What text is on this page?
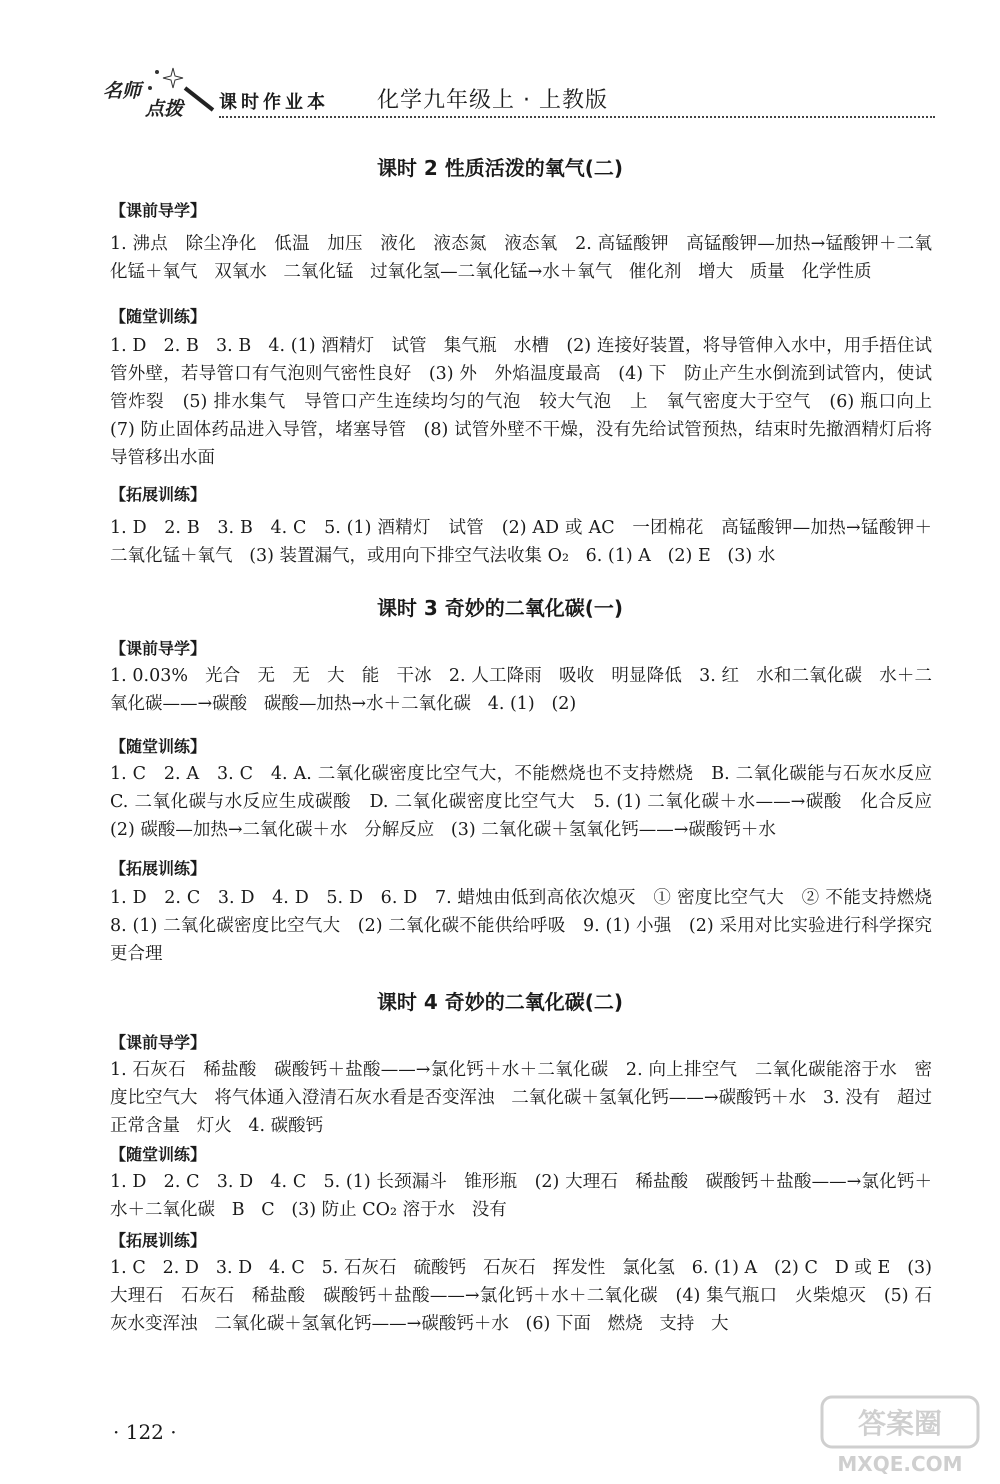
名师
点拨 课时作业本 化学九年级上 · 上教版
课时 2 性质活泼的氧气(二)
【课前导学】
1. 沸点   除尘净化   低温   加压   液化   液态氮   液态氧   2. 高锰酸钾   高锰酸钾—加热→锰酸钾＋二氧化锰＋氧气   双氧水   二氧化锰   过氧化氢—二氧化锰→水＋氧气   催化剂   增大   质量   化学性质
【随堂训练】
1. D   2. B   3. B   4. (1) 酒精灯   试管   集气瓶   水槽   (2) 连接好装置，将导管伸入水中，用手捂住试管外壁，若导管口有气泡则气密性良好   (3) 外   外焰温度最高   (4) 下   防止产生水倒流到试管内，使试管炸裂   (5) 排水集气   导管口产生连续均匀的气泡   较大气泡   上   氧气密度大于空气   (6) 瓶口向上   (7) 防止固体药品进入导管，堵塞导管   (8) 试管外壁不干燥，没有先给试管预热，结束时先撤酒精灯后将导管移出水面
【拓展训练】
1. D   2. B   3. B   4. C   5. (1) 酒精灯   试管   (2) AD 或 AC   一团棉花   高锰酸钾—加热→锰酸钾＋二氧化锰＋氧气   (3) 装置漏气，或用向下排空气法收集 O₂   6. (1) A   (2) E   (3) 水
课时 3 奇妙的二氧化碳(一)
【课前导学】
1. 0.03%   光合   无   无   大   能   干冰   2. 人工降雨   吸收   明显降低   3. 红   水和二氧化碳   水＋二氧化碳——→碳酸   碳酸—加热→水＋二氧化碳   4. (1)   (2)
【随堂训练】
1. C   2. A   3. C   4. A. 二氧化碳密度比空气大，不能燃烧也不支持燃烧   B. 二氧化碳能与石灰水反应   C. 二氧化碳与水反应生成碳酸   D. 二氧化碳密度比空气大   5. (1) 二氧化碳＋水——→碳酸   化合反应   (2) 碳酸—加热→二氧化碳＋水   分解反应   (3) 二氧化碳＋氢氧化钙——→碳酸钙＋水
【拓展训练】
1. D   2. C   3. D   4. D   5. D   6. D   7. 蜡烛由低到高依次熄灭   ① 密度比空气大   ② 不能支持燃烧   8. (1) 二氧化碳密度比空气大   (2) 二氧化碳不能供给呼吸   9. (1) 小强   (2) 采用对比实验进行科学探究更合理
课时 4 奇妙的二氧化碳(二)
【课前导学】
1. 石灰石   稀盐酸   碳酸钙＋盐酸——→氯化钙＋水＋二氧化碳   2. 向上排空气   二氧化碳能溶于水   密度比空气大   将气体通入澄清石灰水看是否变浑浊   二氧化碳＋氢氧化钙——→碳酸钙＋水   3. 没有   超过正常含量   灯火   4. 碳酸钙
【随堂训练】
1. D   2. C   3. D   4. C   5. (1) 长颈漏斗   锥形瓶   (2) 大理石   稀盐酸   碳酸钙＋盐酸——→氯化钙＋水＋二氧化碳   B   C   (3) 防止 CO₂ 溶于水   没有
【拓展训练】
1. C   2. D   3. D   4. C   5. 石灰石   硫酸钙   石灰石   挥发性   氯化氢   6. (1) A   (2) C   D 或 E   (3) 大理石   石灰石   稀盐酸   碳酸钙＋盐酸——→氯化钙＋水＋二氧化碳   (4) 集气瓶口   火柴熄灭   (5) 石灰水变浑浊   二氧化碳＋氢氧化钙——→碳酸钙＋水   (6) 下面   燃烧   支持   大
· 122 ·	答案圈
MXQE.COM
